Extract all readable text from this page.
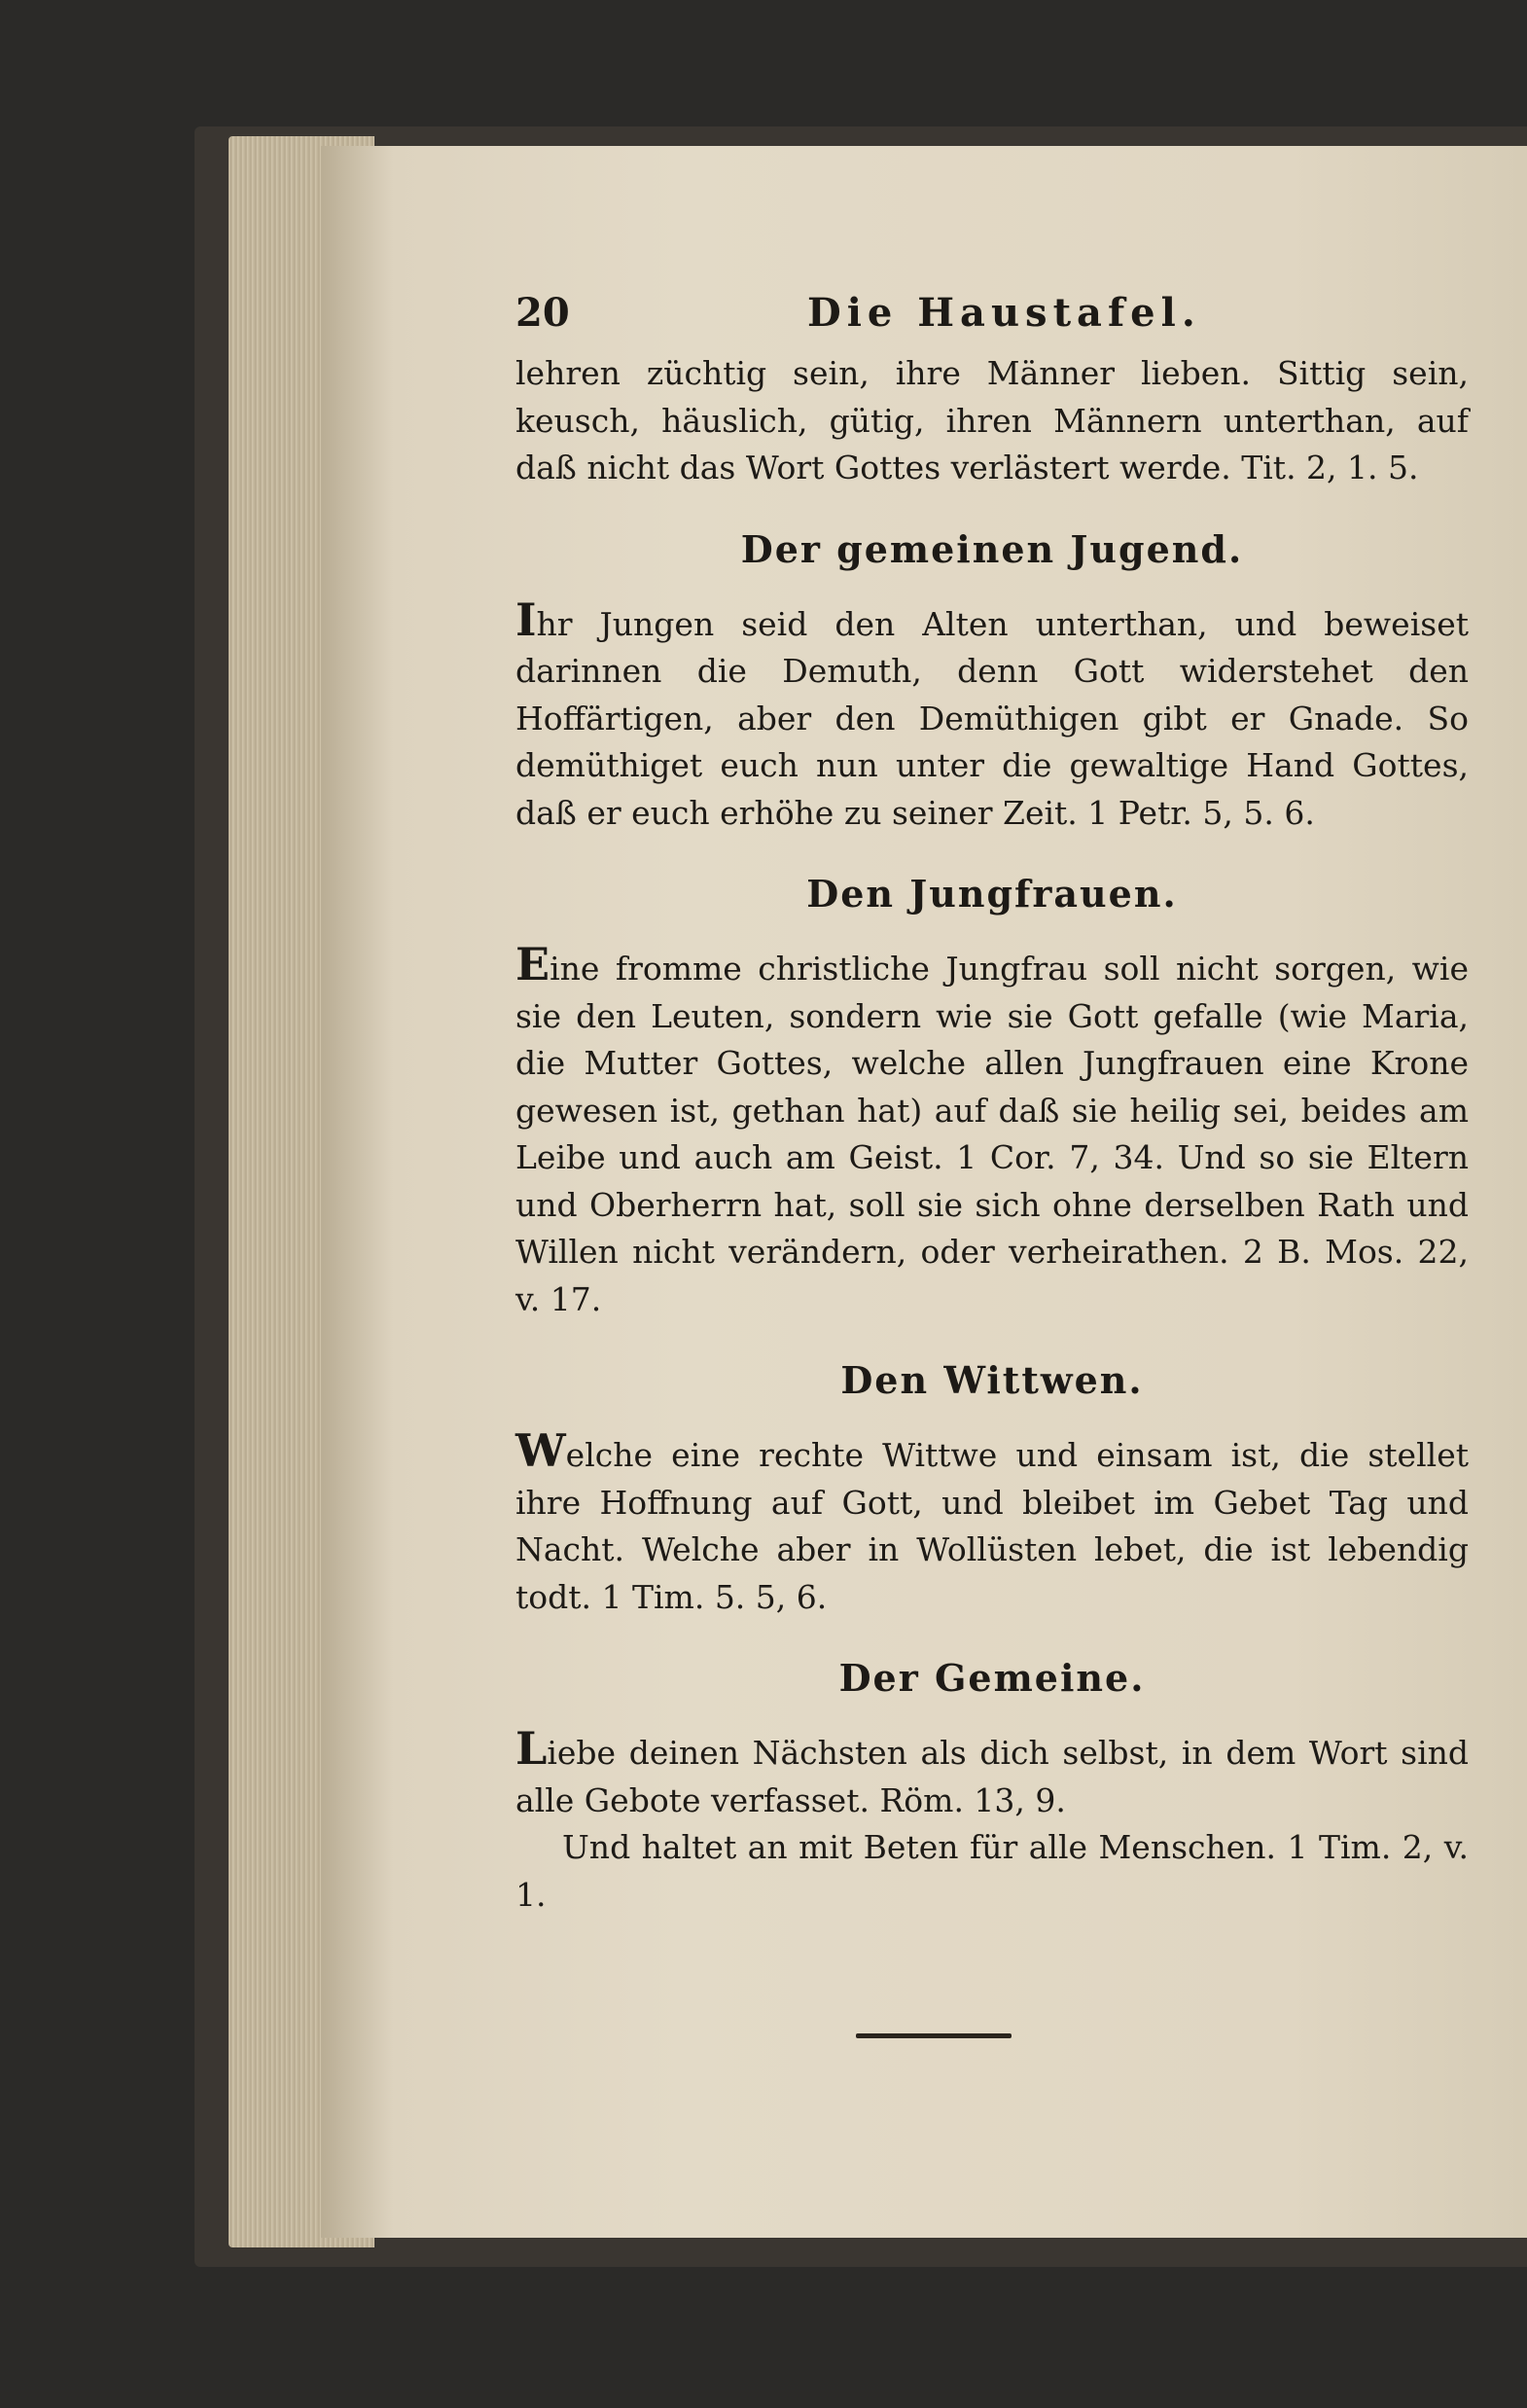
20	Die Haustafel.

lehren züchtig sein, ihre Männer lieben. Sittig sein, keusch, häuslich, gütig, ihren Männern unterthan, auf daß nicht das Wort Gottes verlästert werde. Tit. 2, 1. 5.

Der gemeinen Jugend.

Ihr Jungen seid den Alten unterthan, und beweiset darinnen die Demuth, denn Gott widerstehet den Hoffärtigen, aber den Demüthigen gibt er Gnade. So demüthiget euch nun unter die gewaltige Hand Gottes, daß er euch erhöhe zu seiner Zeit. 1 Petr. 5, 5. 6.

Den Jungfrauen.

Eine fromme christliche Jungfrau soll nicht sorgen, wie sie den Leuten, sondern wie sie Gott gefalle (wie Maria, die Mutter Gottes, welche allen Jungfrauen eine Krone gewesen ist, gethan hat) auf daß sie heilig sei, beides am Leibe und auch am Geist. 1 Cor. 7, 34. Und so sie Eltern und Oberherrn hat, soll sie sich ohne derselben Rath und Willen nicht verändern, oder verheirathen. 2 B. Mos. 22, v. 17.

Den Wittwen.

Welche eine rechte Wittwe und einsam ist, die stellet ihre Hoffnung auf Gott, und bleibet im Gebet Tag und Nacht. Welche aber in Wollüsten lebet, die ist lebendig todt. 1 Tim. 5. 5, 6.

Der Gemeine.

Liebe deinen Nächsten als dich selbst, in dem Wort sind alle Gebote verfasset. Röm. 13, 9.

Und haltet an mit Beten für alle Menschen. 1 Tim. 2, v. 1.
